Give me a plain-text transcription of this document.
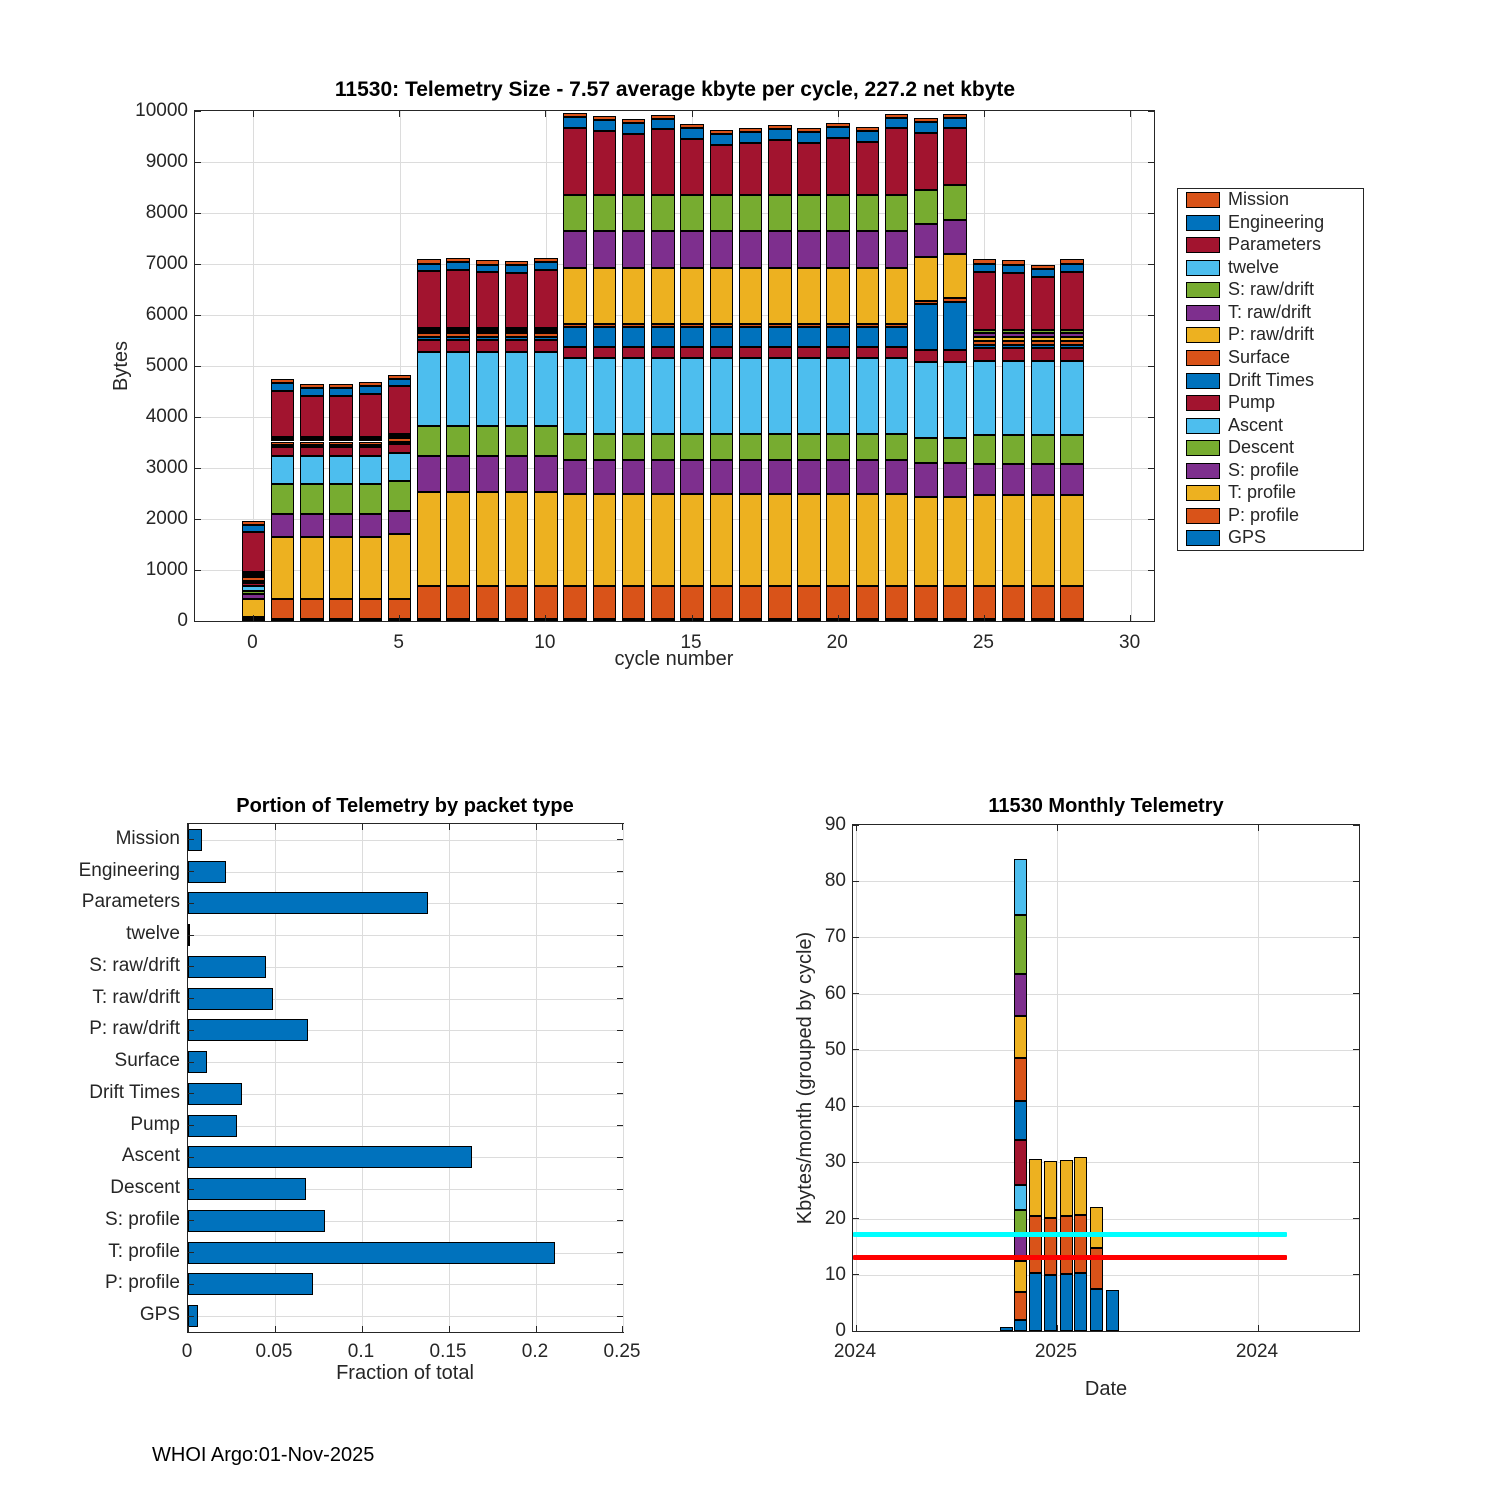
11530: Telemetry Size - 7.57 average kbyte per cycle, 227.2 net kbyte
Bytes
cycle number
0
1000
2000
3000
4000
5000
6000
7000
8000
9000
10000
0	5	10	15	20	25	30
Mission
Engineering
Parameters
twelve
S: raw/drift
T: raw/drift
P: raw/drift
Surface
Drift Times
Pump
Ascent
Descent
S: profile
T: profile
P: profile
GPS
Portion of Telemetry by packet type
Fraction of total
Mission
Engineering
Parameters
twelve
S: raw/drift
T: raw/drift
P: raw/drift
Surface
Drift Times
Pump
Ascent
Descent
S: profile
T: profile
P: profile
GPS
0	0.05	0.1	0.15	0.2	0.25
11530 Monthly Telemetry
Kbytes/month (grouped by cycle)
Date
0
10
20
30
40
50
60
70
80
90
2024	2025	2024
WHOI Argo:01-Nov-2025
